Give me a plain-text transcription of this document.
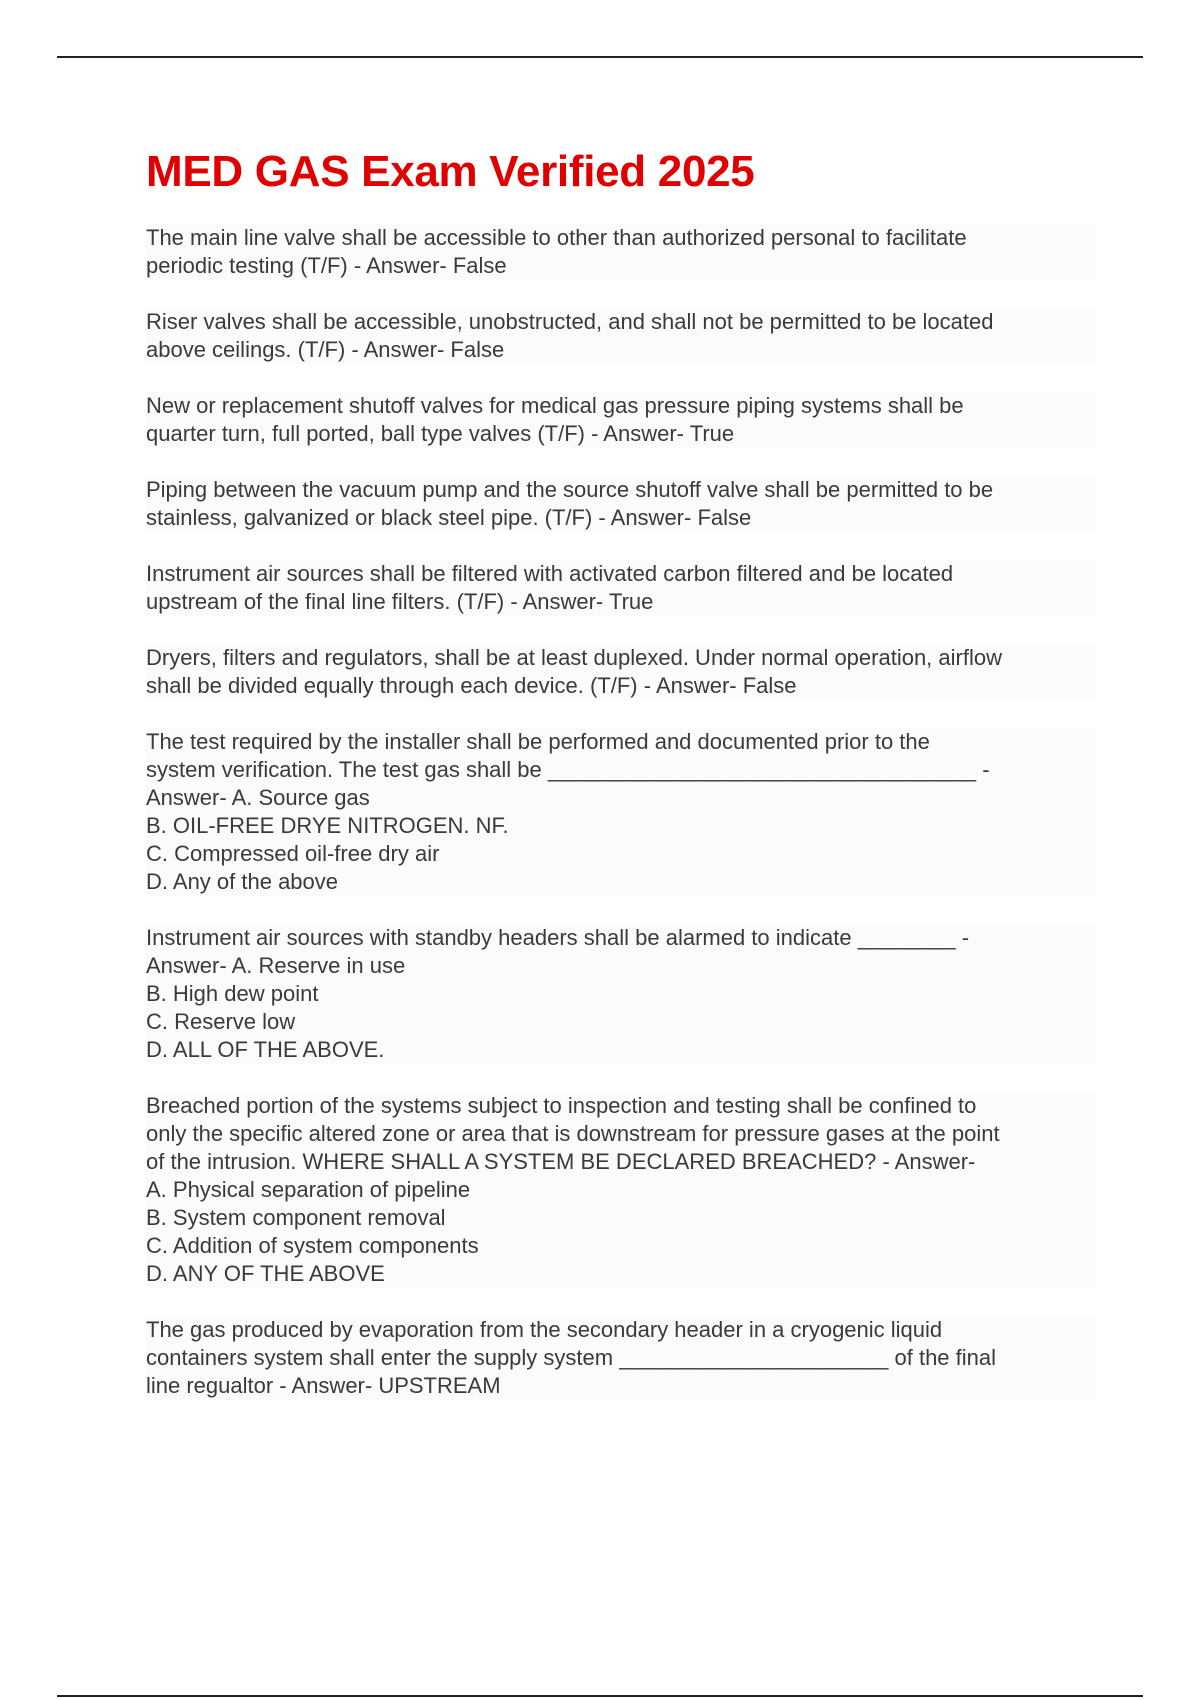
MED GAS Exam Verified 2025
The main line valve shall be accessible to other than authorized personal to facilitate
periodic testing (T/F) - Answer- False
Riser valves shall be accessible, unobstructed, and shall not be permitted to be located
above ceilings. (T/F) - Answer- False
New or replacement shutoff valves for medical gas pressure piping systems shall be
quarter turn, full ported, ball type valves (T/F) - Answer- True
Piping between the vacuum pump and the source shutoff valve shall be permitted to be
stainless, galvanized or black steel pipe. (T/F) - Answer- False
Instrument air sources shall be filtered with activated carbon filtered and be located
upstream of the final line filters. (T/F) - Answer- True
Dryers, filters and regulators, shall be at least duplexed. Under normal operation, airflow
shall be divided equally through each device. (T/F) - Answer- False
The test required by the installer shall be performed and documented prior to the
system verification. The test gas shall be ___________________________________ -
Answer- A. Source gas
B. OIL-FREE DRYE NITROGEN. NF.
C. Compressed oil-free dry air
D. Any of the above
Instrument air sources with standby headers shall be alarmed to indicate ________ -
Answer- A. Reserve in use
B. High dew point
C. Reserve low
D. ALL OF THE ABOVE.
Breached portion of the systems subject to inspection and testing shall be confined to
only the specific altered zone or area that is downstream for pressure gases at the point
of the intrusion. WHERE SHALL A SYSTEM BE DECLARED BREACHED? - Answer-
A. Physical separation of pipeline
B. System component removal
C. Addition of system components
D. ANY OF THE ABOVE
The gas produced by evaporation from the secondary header in a cryogenic liquid
containers system shall enter the supply system ______________________ of the final
line regualtor - Answer- UPSTREAM
